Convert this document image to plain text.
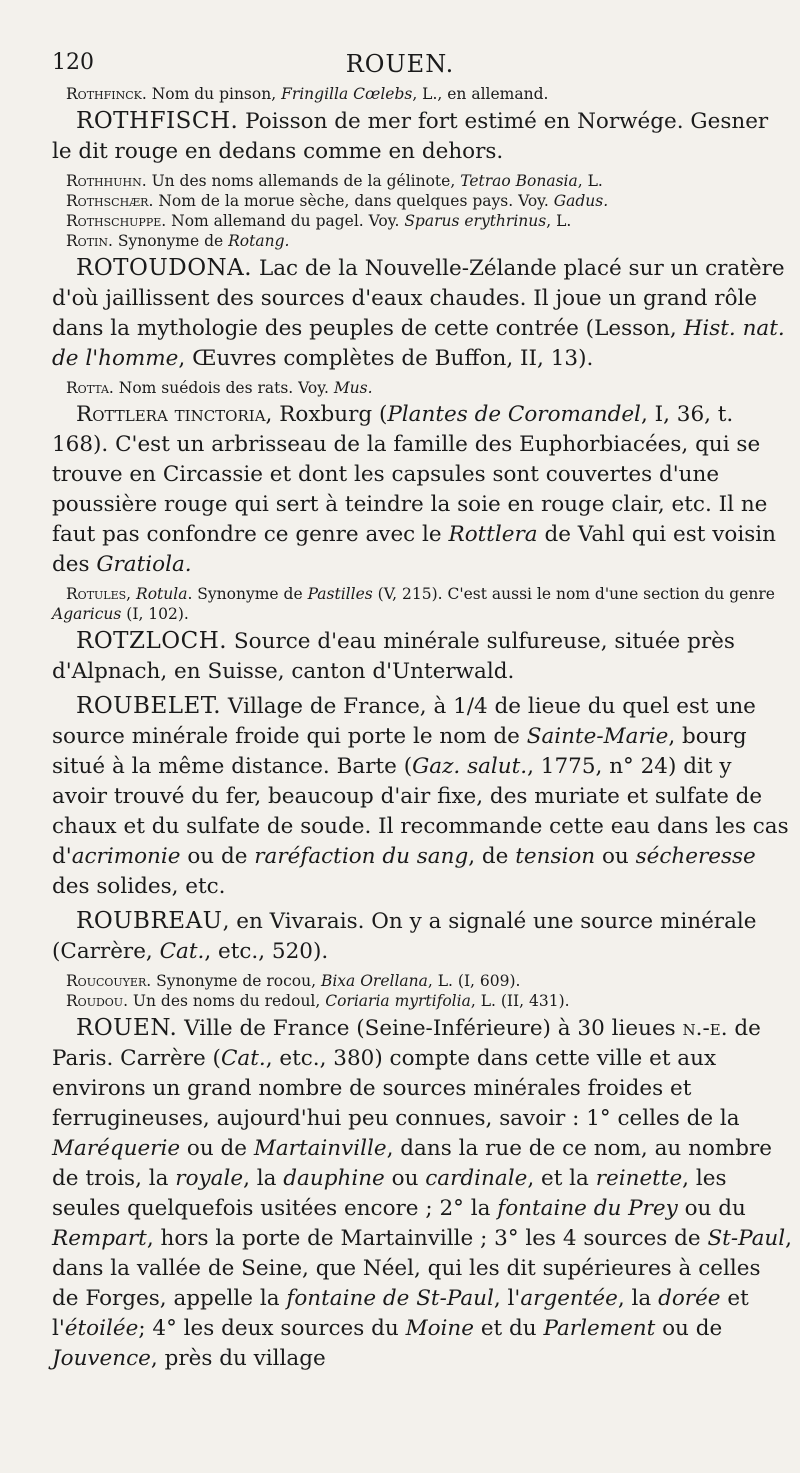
120	ROUEN.

Rothfinck. Nom du pinson, Fringilla Cœlebs, L., en allemand.

ROTHFISCH. Poisson de mer fort estimé en Norwége. Gesner le dit rouge en dedans comme en dehors.

Rothhuhn. Un des noms allemands de la gélinote, Tetrao Bonasia, L.

Rothschær. Nom de la morue sèche, dans quelques pays. Voy. Gadus.

Rothschuppe. Nom allemand du pagel. Voy. Sparus erythrinus, L.

Rotin. Synonyme de Rotang.

ROTOUDONA. Lac de la Nouvelle-Zélande placé sur un cratère d'où jaillissent des sources d'eaux chaudes. Il joue un grand rôle dans la mythologie des peuples de cette contrée (Lesson, Hist. nat. de l'homme, Œuvres complètes de Buffon, II, 13).

Rotta. Nom suédois des rats. Voy. Mus.

Rottlera tinctoria, Roxburg (Plantes de Coromandel, I, 36, t. 168). C'est un arbrisseau de la famille des Euphorbiacées, qui se trouve en Circassie et dont les capsules sont couvertes d'une poussière rouge qui sert à teindre la soie en rouge clair, etc. Il ne faut pas confondre ce genre avec le Rottlera de Vahl qui est voisin des Gratiola.

Rotules, Rotula. Synonyme de Pastilles (V, 215). C'est aussi le nom d'une section du genre Agaricus (I, 102).

ROTZLOCH. Source d'eau minérale sulfureuse, située près d'Alpnach, en Suisse, canton d'Unterwald.

ROUBELET. Village de France, à 1/4 de lieue du quel est une source minérale froide qui porte le nom de Sainte-Marie, bourg situé à la même distance. Barte (Gaz. salut., 1775, n° 24) dit y avoir trouvé du fer, beaucoup d'air fixe, des muriate et sulfate de chaux et du sulfate de soude. Il recommande cette eau dans les cas d'acrimonie ou de raréfaction du sang, de tension ou sécheresse des solides, etc.

ROUBREAU, en Vivarais. On y a signalé une source minérale (Carrère, Cat., etc., 520).

Roucouyer. Synonyme de rocou, Bixa Orellana, L. (I, 609).

Roudou. Un des noms du redoul, Coriaria myrtifolia, L. (II, 431).

ROUEN. Ville de France (Seine-Inférieure) à 30 lieues n.-e. de Paris. Carrère (Cat., etc., 380) compte dans cette ville et aux environs un grand nombre de sources minérales froides et ferrugineuses, aujourd'hui peu connues, savoir : 1° celles de la Maréquerie ou de Martainville, dans la rue de ce nom, au nombre de trois, la royale, la dauphine ou cardinale, et la reinette, les seules quelquefois usitées encore ; 2° la fontaine du Prey ou du Rempart, hors la porte de Martainville ; 3° les 4 sources de St-Paul, dans la vallée de Seine, que Néel, qui les dit supérieures à celles de Forges, appelle la fontaine de St-Paul, l'argentée, la dorée et l'étoilée; 4° les deux sources du Moine et du Parlement ou de Jouvence, près du village
